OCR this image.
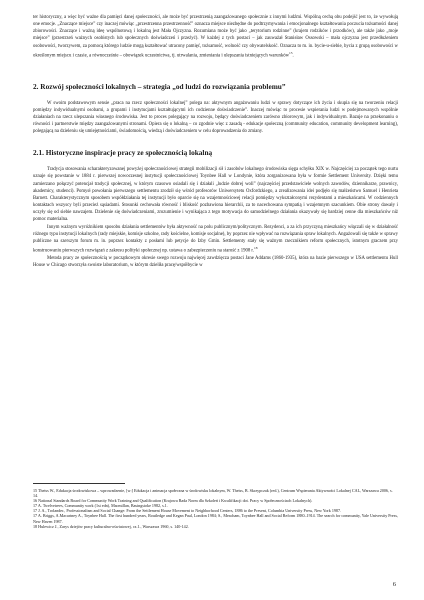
ter historyczny, a więc być ważne dla pamięci danej społeczności, ale może być przestrzenią zaangażowanego społecznie z innymi ludźmi. Wspólną cechą obu podejść jest to, że wywołują one emocje. „Znaczące miejsce” czy inaczej mówiąc „przestrzenna przestrzenność” oznacza miejsce niezbędne do podtrzymywania i emocjonalnego kształtowania poczucia tożsamości danej zbiorowości. Znaczące i ważną ideę wspólnotową i lokalną jest Mała Ojczyzna. Rozumiana może być jako „terytorium rodzinne” (krajem rodzików i przodków), ale także jako „moje miejsce” (przestrzeń ważnych osobistych lub społecznych doświadczeń i przeżyć). W każdej z tych postaci – jak zauważał Stanisław Ossowski – mała ojczyzna jest przedłużeniem osobowości, tworzywem, za pomocą którego ludzie mogą kształtować utracony pamięć, tożsamość, wolność czy obywatelskość. Oznacza to m. in. bycie-u-siebie, bycia z grupą osobowości w określonym miejscu i czasie, a równocześnie – obowiązek uczestnictwa, tj. utrwalania, zmieniania i ulepszania istniejących warunków$^{15}$.

2. Rozwój społeczności lokalnych – strategia „od ludzi do rozwiązania problemu”

W swoim podstawowym sensie „praca na rzecz społeczności lokalnej” polega na: aktywnym angażowaniu ludzi w sprawy dotyczące ich życia i skupia się na tworzeniu relacji pomiędzy indywidualnymi osobami, a grupami i instytucjami kształtującymi ich codzienne doświadczenie”. Inaczej mówiąc to procesie wspierania ludzi w podejmowanych wspólnie działaniach na rzecz ulepszania własnego środowiska. Jest to proces polegający na rozwoju, będący doświadczeniem zarówno zbiorowym, jak i indywidualnym. Bazuje na przekonaniu o równości i partnerstwie między zaangażowanymi stronami. Opiera się o lokalną – co zgodnie więc z zasadą - edukacje społeczną (community education, community development learning), polegającą na dzieleniu się umiejętnościami, świadomością, wiedzą i doświadczeniem w celu doprowadzenia do zmiany.

2.1. Historyczne inspiracje pracy ze społecznością lokalną

Tradycja stosowania scharakteryzowanej powyżej społecznościowej strategii mobilizacji sił i zasobów lokalnego środowiska sięga schyłku XIX w. Najczęściej za początek tego nurtu uznaje się powstanie w 1884 r. pierwszej nowoczesnej instytucji społecznościowej Toynbee Hall w Londynie, która zorganizowana była w formie Settlement University. Dzięki temu zamierzano połączyć potencjał tradycji społecznej, w którym czasowo osiadali się i działali „ludzie dobrej woli” (najczęściej przedstawiciele wolnych zawodów, dziennikarze, prawnicy, akademicy, studenci). Pomysł powołania pierwszego settlementu zrodził się wśród profesorów Uniwersytetu Oxfordzkiego, a zrealizowania idei podjęło się małżeństwo Samuel i Henrieta Barnett. Charakterystycznym sposobem współdziałania tej instytucji było oparcie się na wzajemnościowej relacji pomiędzy wykształconymi rezydentami a mieszkańcami. W codziennych kontaktach wszyscy byli przecież sąsiadami. Stosunki cechowała równość i bliskość pozbawiona hierarchii, za to nacechowana sympatią i wzajemnym szacunkiem. Obie strony dawały i uczyły się od siebie nawzajem. Dzielenie się doświadczeniami, zrozumienie i wynikająca z tego motywacja do samodzielnego działania okazywały się bardziej cenne dla mieszkańców niż pomoc materialna.

Innym ważnym wyróżnikiem sposobu działania settlementów była aktywność na polu publicznym/politycznym. Rezydenci, a za ich przyczyną mieszkańcy włączali się w działalność różnego typu instytucji lokalnych (rady miejskie, komisje szkolne, rady kościelne, komisje socjalne), by poprzez nie wpływać na rozwiązania spraw lokalnych. Angażowali się także w sprawy publiczne na szerszym forum m. in. poprzez kontakty z posłami lub petycje do Izby Gmin. Settlementy stały się ważnym rzecznikiem reform społecznych, istotnym graczem przy konstruowaniu pierwszych rozwiązań z zakresu polityki społecznej np. ustawa o zabezpieczeniu na starość z 1908 r.$^{18}$

Metoda pracy ze społecznością w początkowym okresie swego rozwoju najwięcej zawdzięcza postaci Jane Addams (1860-1935), która na bazie pierwszego w USA settlementu Hull House w Chicago stworzyła swoiste laboratorium, w którym dzieliła pracę/współbycie w

15 Theiss W., Edukacja środowiskowa – wprowadzenie, [w:] Edukacja i animacja społeczna w środowisku lokalnym, W. Theiss, B. Skrzypczak (red.), Centrum Wspierania Aktywności Lokalnej CAL, Warszawa 2006, s. 14.

16 National Standards Board for Community Work Training and Qualification (Krajowa Rada Norm dla Szkoleń i Kwalifikacji dot. Pracy w Społecznościach Lokalnych).

17 A. Twelvetrees, Community work (1st edn), Macmillan, Basingstoke 1982, s.1.

17 J. A., Trolander., Professionalism and Social Change: From the Settlement House Movement to Neighborhood Centers, 1886 to the Present, Columbia University Press, New York 1987.

17 A. Briggs, A.Macartney A., Toynbee Hall. The first hundred years, Routledge and Kegan Paul, London 1984; S., Meacham, Toynbee Hall and Social Reform 1880–1914. The search for community, Yale University Press, New Haven 1987.

18 Hulewicz J., Zarys dziejów pracy kulturalno-oświatowej, cz.1., Warszawa 1960, s. 140-142.

6
